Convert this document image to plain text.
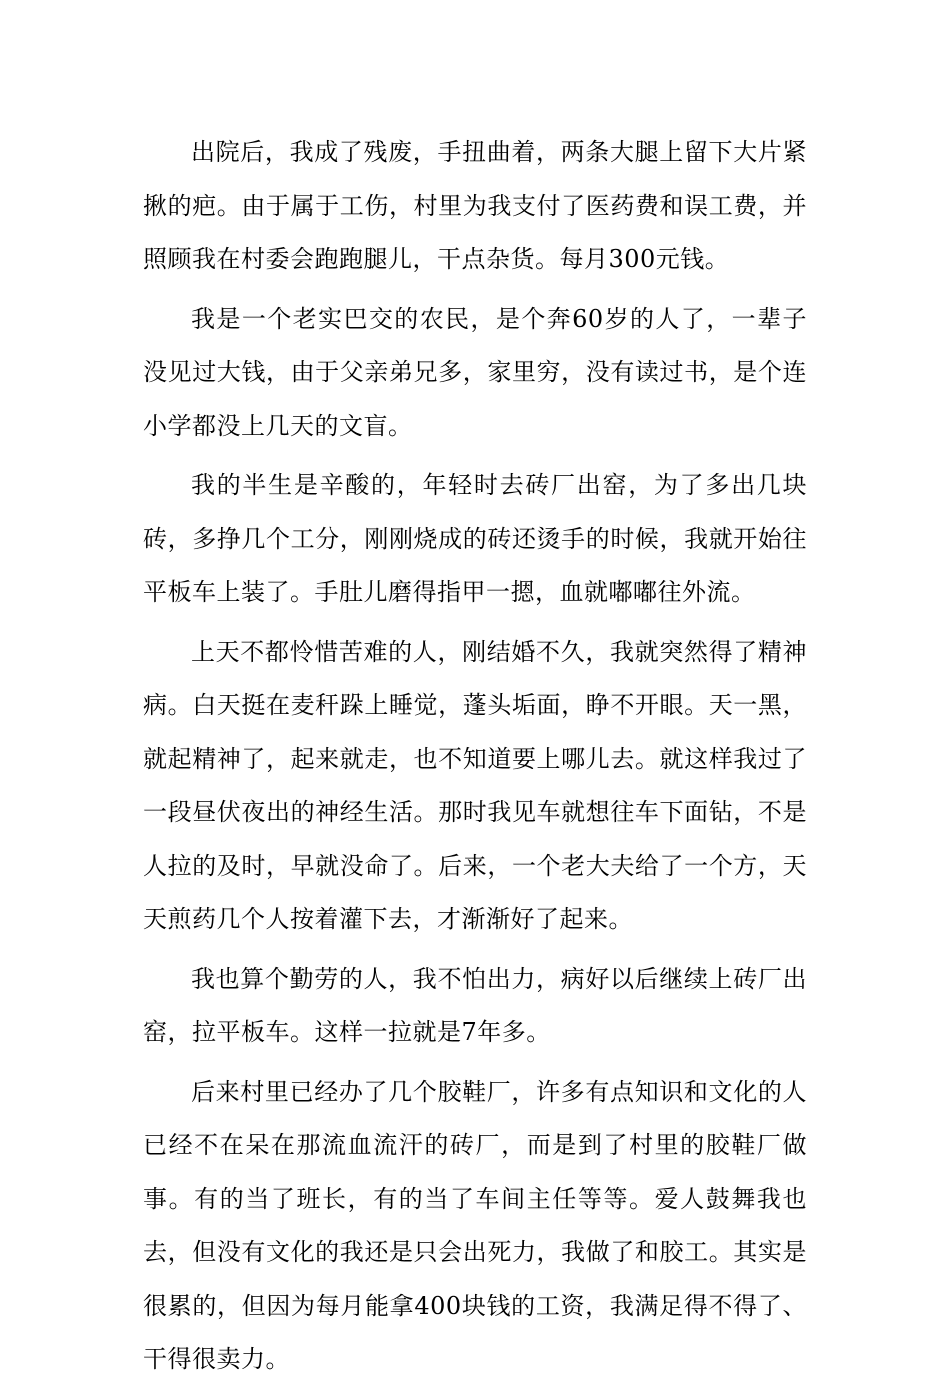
出院后，我成了残废，手扭曲着，两条大腿上留下大片紧揪的疤。由于属于工伤，村里为我支付了医药费和误工费，并照顾我在村委会跑跑腿儿，干点杂货。每月300元钱。

我是一个老实巴交的农民，是个奔60岁的人了，一辈子没见过大钱，由于父亲弟兄多，家里穷，没有读过书，是个连小学都没上几天的文盲。

我的半生是辛酸的，年轻时去砖厂出窑，为了多出几块砖，多挣几个工分，刚刚烧成的砖还烫手的时候，我就开始往平板车上装了。手肚儿磨得指甲一摁，血就嘟嘟往外流。

上天不都怜惜苦难的人，刚结婚不久，我就突然得了精神病。白天挺在麦秆跺上睡觉，蓬头垢面，睁不开眼。天一黑，就起精神了，起来就走，也不知道要上哪儿去。就这样我过了一段昼伏夜出的神经生活。那时我见车就想往车下面钻，不是人拉的及时，早就没命了。后来，一个老大夫给了一个方，天天煎药几个人按着灌下去，才渐渐好了起来。

我也算个勤劳的人，我不怕出力，病好以后继续上砖厂出窑，拉平板车。这样一拉就是7年多。

后来村里已经办了几个胶鞋厂，许多有点知识和文化的人已经不在呆在那流血流汗的砖厂，而是到了村里的胶鞋厂做事。有的当了班长，有的当了车间主任等等。爱人鼓舞我也去，但没有文化的我还是只会出死力，我做了和胶工。其实是很累的，但因为每月能拿400块钱的工资，我满足得不得了、干得很卖力。
